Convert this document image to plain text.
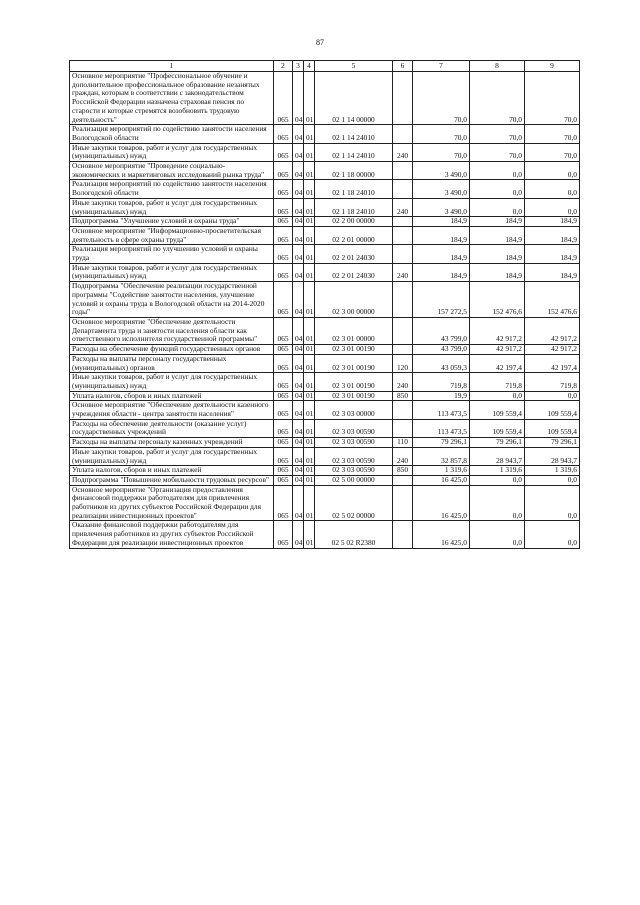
87
1	2	3	4	5	6	7	8	9
Основное мероприятие "Профессиональное обучение и дополнительное профессиональное образование незанятых граждан, которым в соответствии с законодательством Российской Федерации назначена страховая пенсия по старости и которые стремятся возобновить трудовую деятельность"	065	04	01	02 1 14 00000		70,0	70,0	70,0
Реализация мероприятий по содействию занятости населения Вологодской области	065	04	01	02 1 14 24010		70,0	70,0	70,0
Иные закупки товаров, работ и услуг для государственных (муниципальных) нужд	065	04	01	02 1 14 24010	240	70,0	70,0	70,0
Основное мероприятие "Проведение социально-экономических и маркетинговых исследований рынка труда"	065	04	01	02 1 18 00000		3 490,0	0,0	0,0
Реализация мероприятий по содействию занятости населения Вологодской области	065	04	01	02 1 18 24010		3 490,0	0,0	0,0
Иные закупки товаров, работ и услуг для государственных (муниципальных) нужд	065	04	01	02 1 18 24010	240	3 490,0	0,0	0,0
Подпрограмма "Улучшение условий и охраны труда"	065	04	01	02 2 00 00000		184,9	184,9	184,9
Основное мероприятие "Информационно-просветительская деятельность в сфере охраны труда"	065	04	01	02 2 01 00000		184,9	184,9	184,9
Реализация мероприятий по улучшению условий и охраны труда	065	04	01	02 2 01 24030		184,9	184,9	184,9
Иные закупки товаров, работ и услуг для государственных (муниципальных) нужд	065	04	01	02 2 01 24030	240	184,9	184,9	184,9
Подпрограмма "Обеспечение реализации государственной программы "Содействие занятости населения, улучшение условий и охраны труда в Вологодской области на 2014-2020 годы"	065	04	01	02 3 00 00000		157 272,5	152 476,6	152 476,6
Основное мероприятие "Обеспечение деятельности Департамента труда и занятости населения области как ответственного исполнителя государственной программы"	065	04	01	02 3 01 00000		43 799,0	42 917,2	42 917,2
Расходы на обеспечение функций государственных органов	065	04	01	02 3 01 00190		43 799,0	42 917,2	42 917,2
Расходы на выплаты персоналу государственных (муниципальных) органов	065	04	01	02 3 01 00190	120	43 059,3	42 197,4	42 197,4
Иные закупки товаров, работ и услуг для государственных (муниципальных) нужд	065	04	01	02 3 01 00190	240	719,8	719,8	719,8
Уплата налогов, сборов и иных платежей	065	04	01	02 3 01 00190	850	19,9	0,0	0,0
Основное мероприятие "Обеспечение деятельности казенного учреждения области - центра занятости населения"	065	04	01	02 3 03 00000		113 473,5	109 559,4	109 559,4
Расходы на обеспечение деятельности (оказание услуг) государственных учреждений	065	04	01	02 3 03 00590		113 473,5	109 559,4	109 559,4
Расходы на выплаты персоналу казенных учреждений	065	04	01	02 3 03 00590	110	79 296,1	79 296,1	79 296,1
Иные закупки товаров, работ и услуг для государственных (муниципальных) нужд	065	04	01	02 3 03 00590	240	32 857,8	28 943,7	28 943,7
Уплата налогов, сборов и иных платежей	065	04	01	02 3 03 00590	850	1 319,6	1 319,6	1 319,6
Подпрограмма "Повышение мобильности трудовых ресурсов"	065	04	01	02 5 00 00000		16 425,0	0,0	0,0
Основное мероприятие "Организация предоставления финансовой поддержки работодателям для привлечения работников из других субъектов Российской Федерации для реализации инвестиционных проектов"	065	04	01	02 5 02 00000		16 425,0	0,0	0,0
Оказание финансовой поддержки работодателям для привлечения работников из других субъектов Российской Федерации для реализации инвестиционных проектов	065	04	01	02 5 02 R2380		16 425,0	0,0	0,0
